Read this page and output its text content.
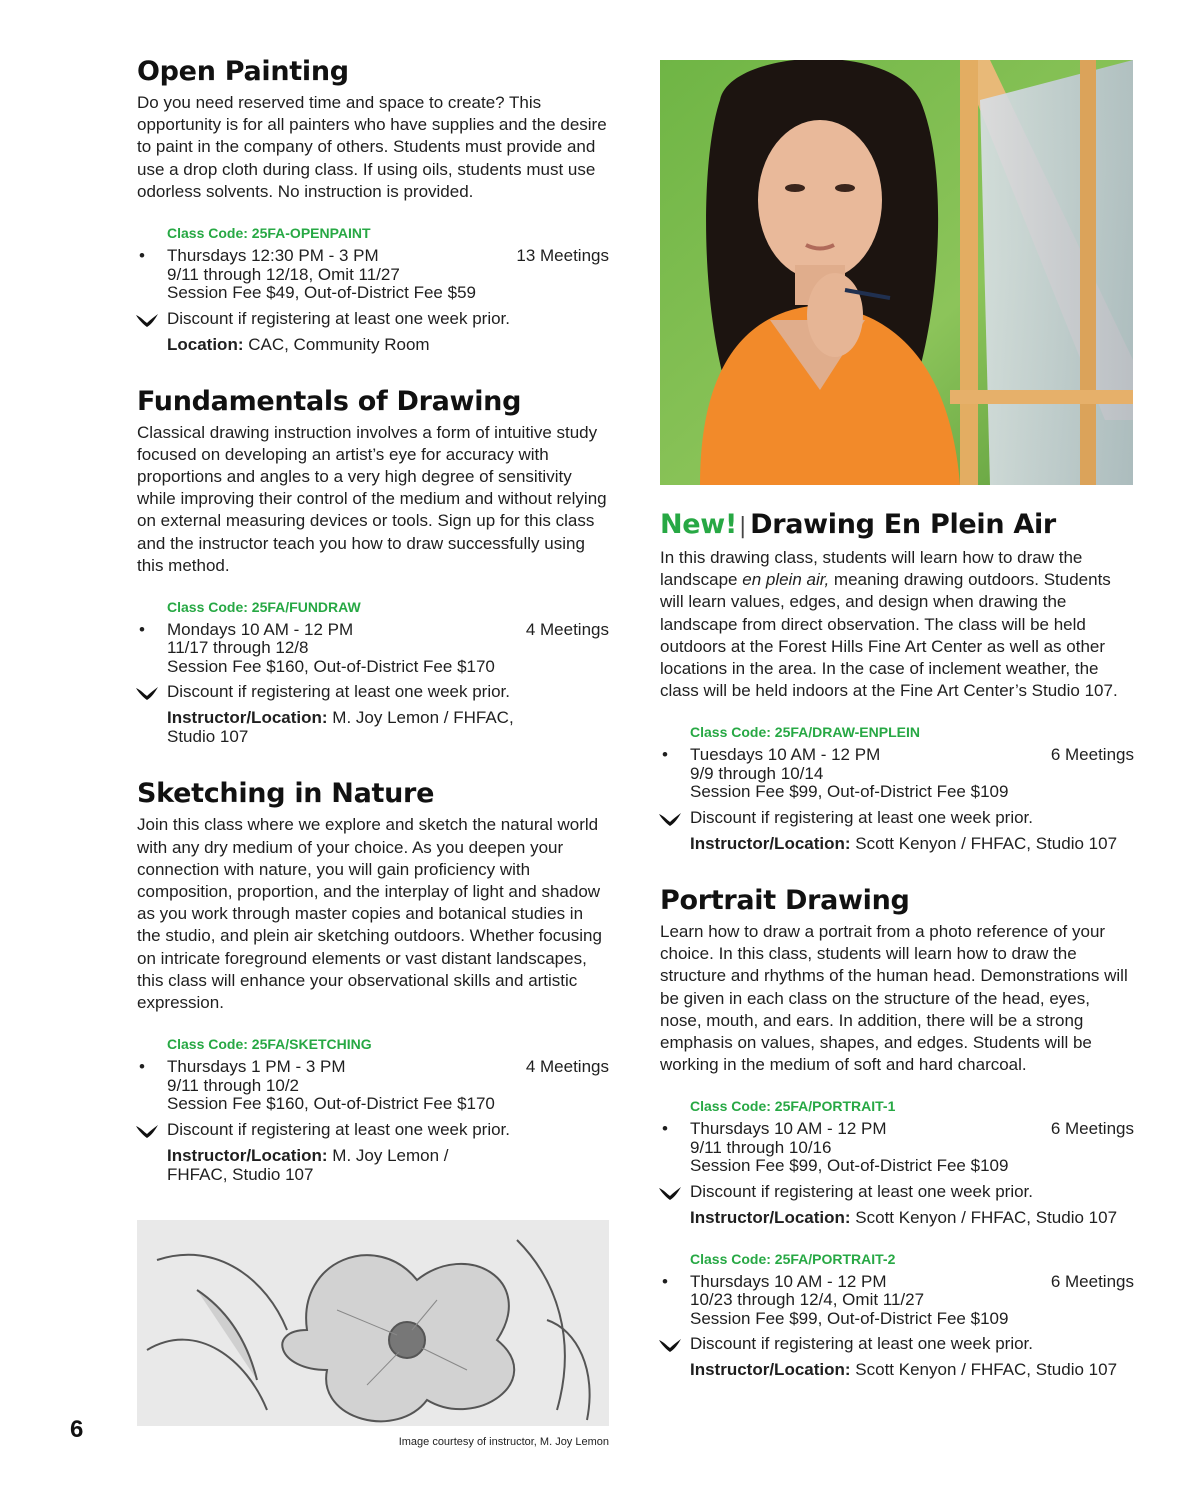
Open Painting

Do you need reserved time and space to create? This opportunity is for all painters who have supplies and the desire to paint in the company of others. Students must provide and use a drop cloth during class. If using oils, students must use odorless solvents. No instruction is provided.

Class Code: 25FA-OPENPAINT
• Thursdays 12:30 PM - 3 PM	13 Meetings
9/11 through 12/18, Omit 11/27
Session Fee $49, Out-of-District Fee $59
Discount if registering at least one week prior.
Location: CAC, Community Room
Fundamentals of Drawing

Classical drawing instruction involves a form of intuitive study focused on developing an artist’s eye for accuracy with proportions and angles to a very high degree of sensitivity while improving their control of the medium and without relying on external measuring devices or tools. Sign up for this class and the instructor teach you how to draw successfully using this method.

Class Code: 25FA/FUNDRAW
• Mondays 10 AM - 12 PM	4 Meetings
11/17 through 12/8
Session Fee $160, Out-of-District Fee $170
Discount if registering at least one week prior.
Instructor/Location: M. Joy Lemon / FHFAC, Studio 107
Sketching in Nature

Join this class where we explore and sketch the natural world with any dry medium of your choice. As you deepen your connection with nature, you will gain proficiency with composition, proportion, and the interplay of light and shadow as you work through master copies and botanical studies in the studio, and plein air sketching outdoors. Whether focusing on intricate foreground elements or vast distant landscapes, this class will enhance your observational skills and artistic expression.

Class Code: 25FA/SKETCHING
• Thursdays 1 PM - 3 PM	4 Meetings
9/11 through 10/2
Session Fee $160, Out-of-District Fee $170
Discount if registering at least one week prior.
Instructor/Location: M. Joy Lemon / FHFAC, Studio 107
Image courtesy of instructor, M. Joy Lemon
New!| Drawing En Plein Air

In this drawing class, students will learn how to draw the landscape en plein air, meaning drawing outdoors. Students will learn values, edges, and design when drawing the landscape from direct observation. The class will be held outdoors at the Forest Hills Fine Art Center as well as other locations in the area. In the case of inclement weather, the class will be held indoors at the Fine Art Center’s Studio 107.

Class Code: 25FA/DRAW-ENPLEIN
• Tuesdays 10 AM - 12 PM	6 Meetings
9/9 through 10/14
Session Fee $99, Out-of-District Fee $109
Discount if registering at least one week prior.
Instructor/Location: Scott Kenyon / FHFAC, Studio 107
Portrait Drawing

Learn how to draw a portrait from a photo reference of your choice. In this class, students will learn how to draw the structure and rhythms of the human head. Demonstrations will be given in each class on the structure of the head, eyes, nose, mouth, and ears. In addition, there will be a strong emphasis on values, shapes, and edges. Students will be working in the medium of soft and hard charcoal.

Class Code: 25FA/PORTRAIT-1
• Thursdays 10 AM - 12 PM	6 Meetings
9/11 through 10/16
Session Fee $99, Out-of-District Fee $109
Discount if registering at least one week prior.
Instructor/Location: Scott Kenyon / FHFAC, Studio 107
Class Code: 25FA/PORTRAIT-2
• Thursdays 10 AM - 12 PM	6 Meetings
10/23 through 12/4, Omit 11/27
Session Fee $99, Out-of-District Fee $109
Discount if registering at least one week prior.
Instructor/Location: Scott Kenyon / FHFAC, Studio 107
6
